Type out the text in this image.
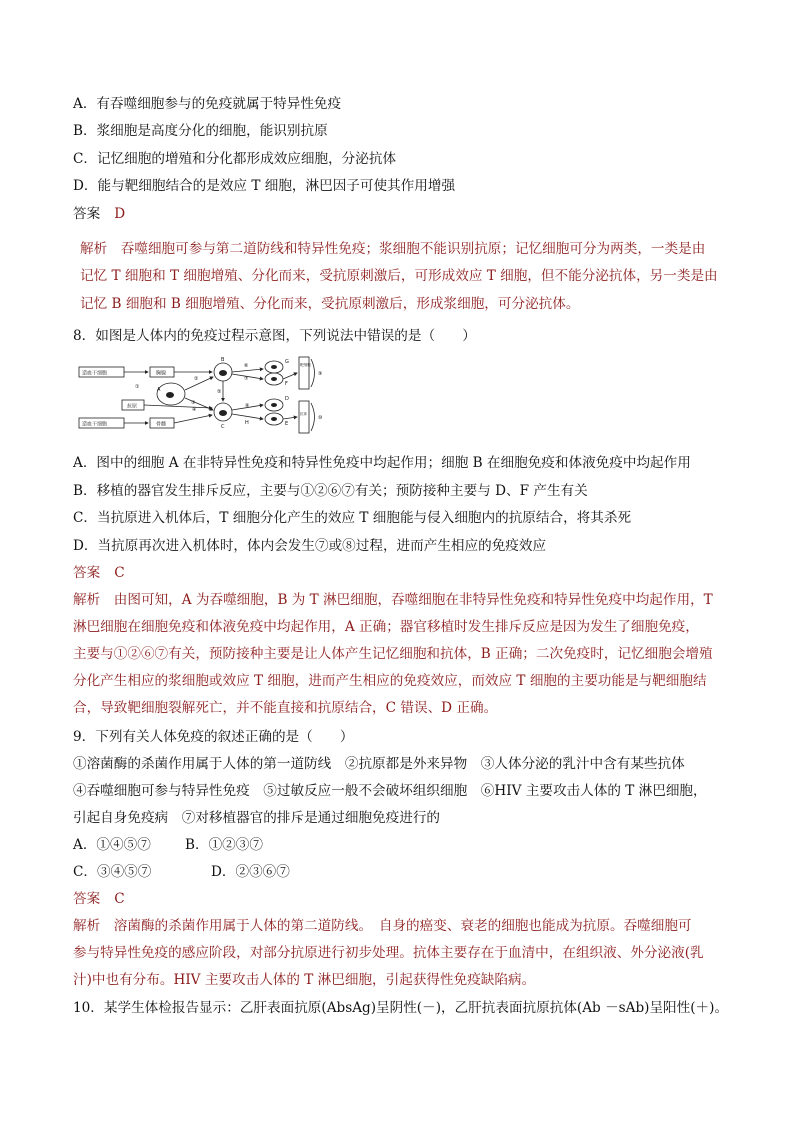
A．有吞噬细胞参与的免疫就属于特异性免疫
B．浆细胞是高度分化的细胞，能识别抗原
C．记忆细胞的增殖和分化都形成效应细胞，分泌抗体
D．能与靶细胞结合的是效应 T 细胞，淋巴因子可使其作用增强
答案 D
解析　吞噬细胞可参与第二道防线和特异性免疫；浆细胞不能识别抗原；记忆细胞可分为两类，一类是由
记忆 T 细胞和 T 细胞增殖、分化而来，受抗原刺激后，可形成效应 T 细胞，但不能分泌抗体，另一类是由
记忆 B 细胞和 B 细胞增殖、分化而来，受抗原刺激后，形成浆细胞，可分泌抗体。
8．如图是人体内的免疫过程示意图，下列说法中错误的是（　　）
造血干细胞	胸腺
抗原
造血干细胞	骨髓
靶细胞
抗体
A
B
C
D
E
F
G
H
①
②
③
④
⑤
⑥
⑦
⑧
⑨
⑩
A．图中的细胞 A 在非特异性免疫和特异性免疫中均起作用；细胞 B 在细胞免疫和体液免疫中均起作用
B．移植的器官发生排斥反应，主要与①②⑥⑦有关；预防接种主要与 D、F 产生有关
C．当抗原进入机体后，T 细胞分化产生的效应 T 细胞能与侵入细胞内的抗原结合，将其杀死
D．当抗原再次进入机体时，体内会发生⑦或⑧过程，进而产生相应的免疫效应
答案 C
解析　由图可知，A 为吞噬细胞，B 为 T 淋巴细胞，吞噬细胞在非特异性免疫和特异性免疫中均起作用，T
淋巴细胞在细胞免疫和体液免疫中均起作用，A 正确；器官移植时发生排斥反应是因为发生了细胞免疫，
主要与①②⑥⑦有关，预防接种主要是让人体产生记忆细胞和抗体，B 正确；二次免疫时，记忆细胞会增殖
分化产生相应的浆细胞或效应 T 细胞，进而产生相应的免疫效应，而效应 T 细胞的主要功能是与靶细胞结
合，导致靶细胞裂解死亡，并不能直接和抗原结合，C 错误、D 正确。
9．下列有关人体免疫的叙述正确的是（　　）
①溶菌酶的杀菌作用属于人体的第一道防线　②抗原都是外来异物　③人体分泌的乳汁中含有某些抗体
④吞噬细胞可参与特异性免疫　⑤过敏反应一般不会破坏组织细胞　⑥HIV 主要攻击人体的 T 淋巴细胞，
引起自身免疫病　⑦对移植器官的排斥是通过细胞免疫进行的
A．①④⑤⑦	B．①②③⑦
C．③④⑤⑦	D．②③⑥⑦
答案 C
解析　溶菌酶的杀菌作用属于人体的第二道防线。　自身的癌变、衰老的细胞也能成为抗原。吞噬细胞可
参与特异性免疫的感应阶段，对部分抗原进行初步处理。抗体主要存在于血清中，在组织液、外分泌液(乳
汁)中也有分布。HIV 主要攻击人体的 T 淋巴细胞，引起获得性免疫缺陷病。
10．某学生体检报告显示：乙肝表面抗原(AbsAg)呈阴性(－)，乙肝抗表面抗原抗体(Ab －sAb)呈阳性(＋)。
